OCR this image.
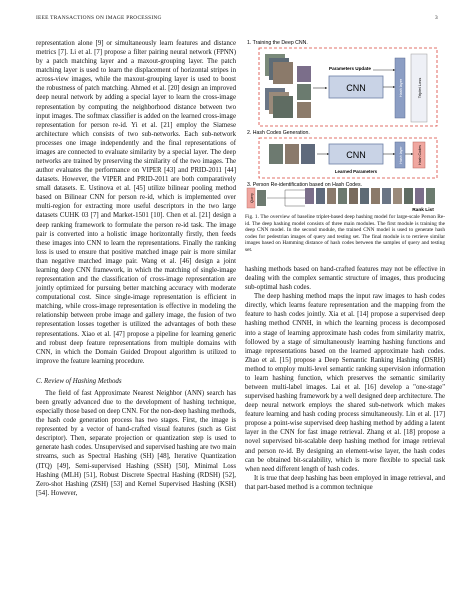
IEEE TRANSACTIONS ON IMAGE PROCESSING	3

representation alone [9] or simultaneously learn features and distance metrics [7]. Li et al. [7] propose a filter pairing neural network (FPNN) by a patch matching layer and a maxout-grouping layer. The patch matching layer is used to learn the displacement of horizontal stripes in across-view images, while the maxout-grouping layer is used to boost the robustness of patch matching. Ahmed et al. [20] design an improved deep neural network by adding a special layer to learn the cross-image representation by computing the neighborhood distance between two input images. The softmax classifier is added on the learned cross-image representation for person re-id. Yi et al. [21] employ the Siamese architecture which consists of two sub-networks. Each sub-network processes one image independently and the final representations of images are connected to evaluate similarity by a special layer. The deep networks are trained by preserving the similarity of the two images. The author evaluates the performance on VIPER [43] and PRID-2011 [44] datasets. However, the VIPER and PRID-2011 are both comparatively small datasets. E. Ustinova et al. [45] utilize bilinear pooling method based on Bilinear CNN for person re-id, which is implemented over multi-region for extracting more useful descriptors in the two large datasets CUHK 03 [7] and Market-1501 [10]. Chen et al. [21] design a deep ranking framework to formulate the person re-id task. The image pair is converted into a holistic image horizontally firstly, then feeds these images into CNN to learn the representations. Finally the ranking loss is used to ensure that positive matched image pair is more similar than negative matched image pair. Wang et al. [46] design a joint learning deep CNN framework, in which the matching of single-image representation and the classification of cross-image representation are jointly optimized for pursuing better matching accuracy with moderate computational cost. Since single-image representation is efficient in matching, while cross-image representation is effective in modeling the relationship between probe image and gallery image, the fusion of two representation losses together is utilized the advantages of both these representations. Xiao et al. [47] propose a pipeline for learning generic and robust deep feature representations from multiple domains with CNN, in which the Domain Guided Dropout algorithm is utilized to improve the feature learning procedure.

C. Review of Hashing Methods

The field of fast Approximate Nearest Neighbor (ANN) search has been greatly advanced due to the development of hashing technique, especially those based on deep CNN. For the non-deep hashing methods, the hash code generation process has two stages. First, the image is represented by a vector of hand-crafted visual features (such as Gist descriptor). Then, separate projection or quantization step is used to generate hash codes. Unsupervised and supervised hashing are two main streams, such as Spectral Hashing (SH) [48], Iterative Quantization (ITQ) [49], Semi-supervised Hashing (SSH) [50], Minimal Loss Hashing (MLH) [51], Robust Discrete Spectral Hashing (RDSH) [52], Zero-shot Hashing (ZSH) [53] and Kernel Supervised Hashing (KSH) [54]. However,

1. Training the Deep CNN.
Parameters Update
CNN	Hash layer	Triplet Loss
2. Hash Codes Generation.
CNN
Learned Parameters
Hash layer	Hash Codes
3. Person Re-identification based on Hash Codes.
Query
Rank List
Fig. 1. The overview of baseline triplet-based deep hashing model for large-scale Person Re-id. The deep hashing model consists of three main modules. The first module is training the deep CNN model. In the second module, the trained CNN model is used to generate hash codes for pedestrian images of query and testing set. The final module is to retrieve similar images based on Hamming distance of hash codes between the samples of query and testing set.

hashing methods based on hand-crafted features may not be effective in dealing with the complex semantic structure of images, thus producing sub-optimal hash codes.

The deep hashing method maps the input raw images to hash codes directly, which learns feature representation and the mapping from the feature to hash codes jointly. Xia et al. [14] propose a supervised deep hashing method CNNH, in which the learning process is decomposed into a stage of learning approximate hash codes from similarity matrix, followed by a stage of simultaneously learning hashing functions and image representations based on the learned approximate hash codes. Zhao et al. [15] propose a Deep Semantic Ranking Hashing (DSRH) method to employ multi-level semantic ranking supervision information to learn hashing function, which preserves the semantic similarity between multi-label images. Lai et al. [16] develop a "one-stage" supervised hashing framework by a well designed deep architecture. The deep neural network employs the shared sub-network which makes feature learning and hash coding process simultaneously. Lin et al. [17] propose a point-wise supervised deep hashing method by adding a latent layer in the CNN for fast image retrieval. Zhang et al. [18] propose a novel supervised bit-scalable deep hashing method for image retrieval and person re-id. By designing an element-wise layer, the hash codes can be obtained bit-scalability, which is more flexible to special task when need different length of hash codes.

It is true that deep hashing has been employed in image retrieval, and that part-based method is a common technique
